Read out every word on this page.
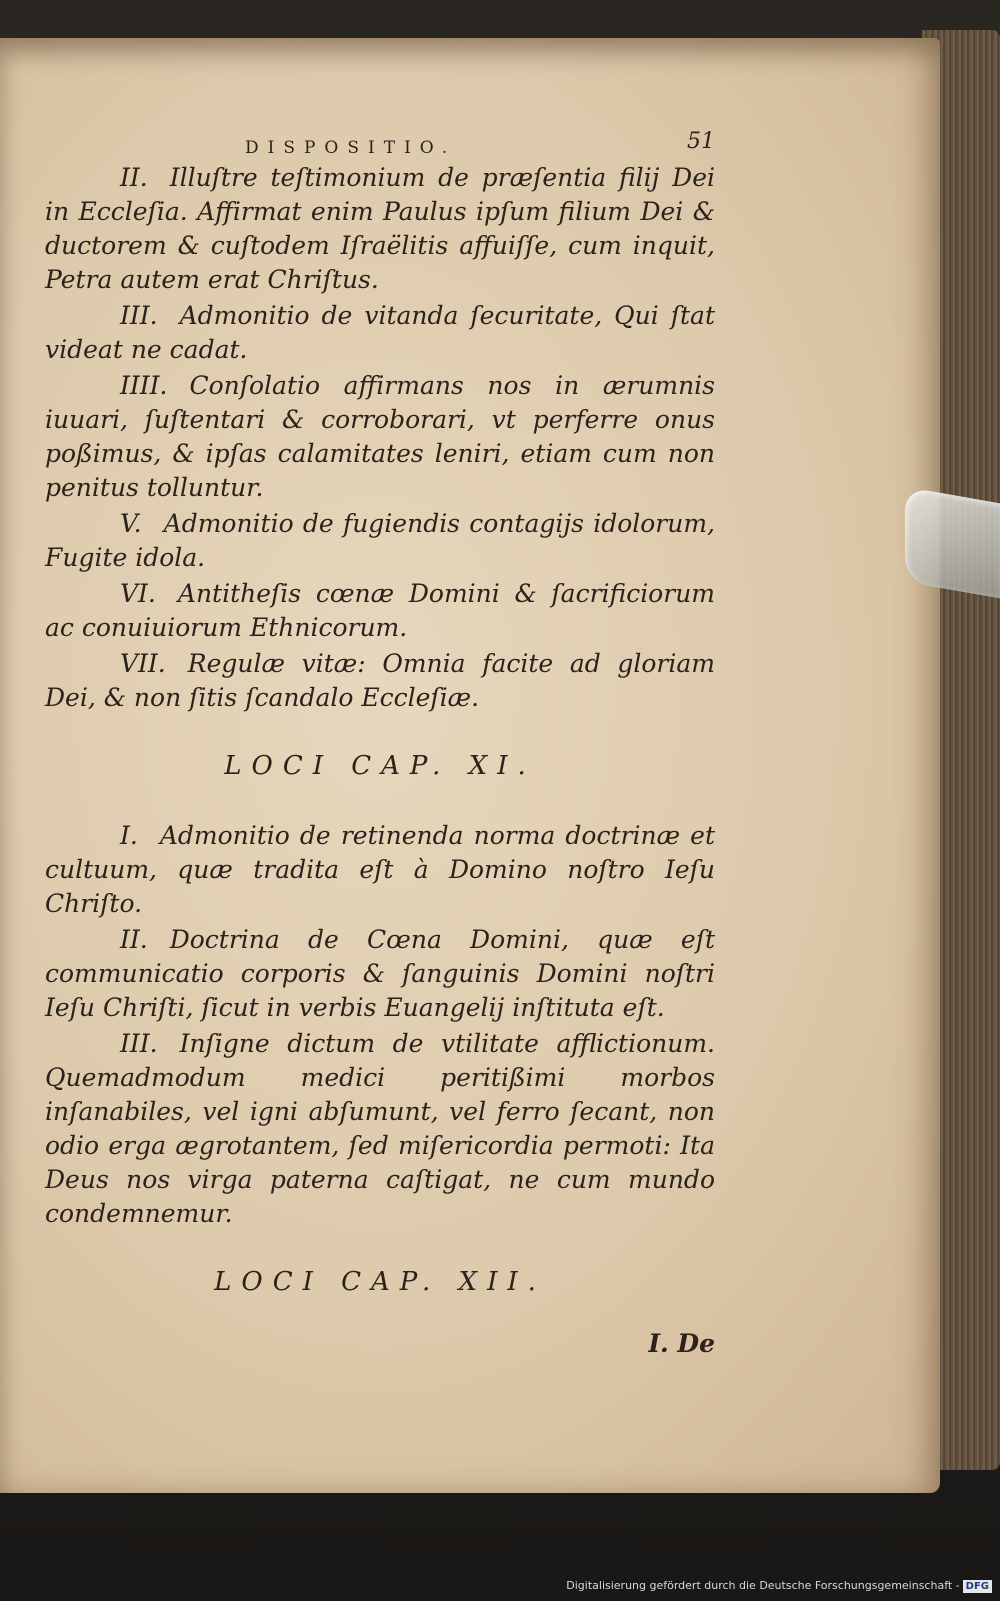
DISPOSITIO.	51

II. Illuſtre teſtimonium de præſentia filij Dei in Eccleſia. Affirmat enim Paulus ipſum filium Dei & ductorem & cuſtodem Iſraëlitis affuiſſe, cum inquit, Petra autem erat Chriſtus.

III. Admonitio de vitanda ſecuritate, Qui ſtat videat ne cadat.

IIII. Conſolatio affirmans nos in ærumnis iuuari, ſuſtentari & corroborari, vt perferre onus poßimus, & ipſas calamitates leniri, etiam cum non penitus tolluntur.

V. Admonitio de fugiendis contagijs idolorum, Fugite idola.

VI. Antitheſis cœnæ Domini & ſacrificiorum ac conuiuiorum Ethnicorum.

VII. Regulæ vitæ: Omnia facite ad gloriam Dei, & non ſitis ſcandalo Eccleſiæ.

LOCI CAP. XI.

I. Admonitio de retinenda norma doctrinæ et cultuum, quæ tradita eſt à Domino noſtro Ieſu Chriſto.

II. Doctrina de Cœna Domini, quæ eſt communicatio corporis & ſanguinis Domini noſtri Ieſu Chriſti, ſicut in verbis Euangelij inſtituta eſt.

III. Inſigne dictum de vtilitate afflictionum. Quemadmodum medici peritißimi morbos inſanabiles, vel igni abſumunt, vel ferro ſecant, non odio erga ægrotantem, ſed miſericordia permoti: Ita Deus nos virga paterna caſtigat, ne cum mundo condemnemur.

LOCI CAP. XII.
I. De
Digitalisierung gefördert durch die Deutsche Forschungsgemeinschaft - DFG
